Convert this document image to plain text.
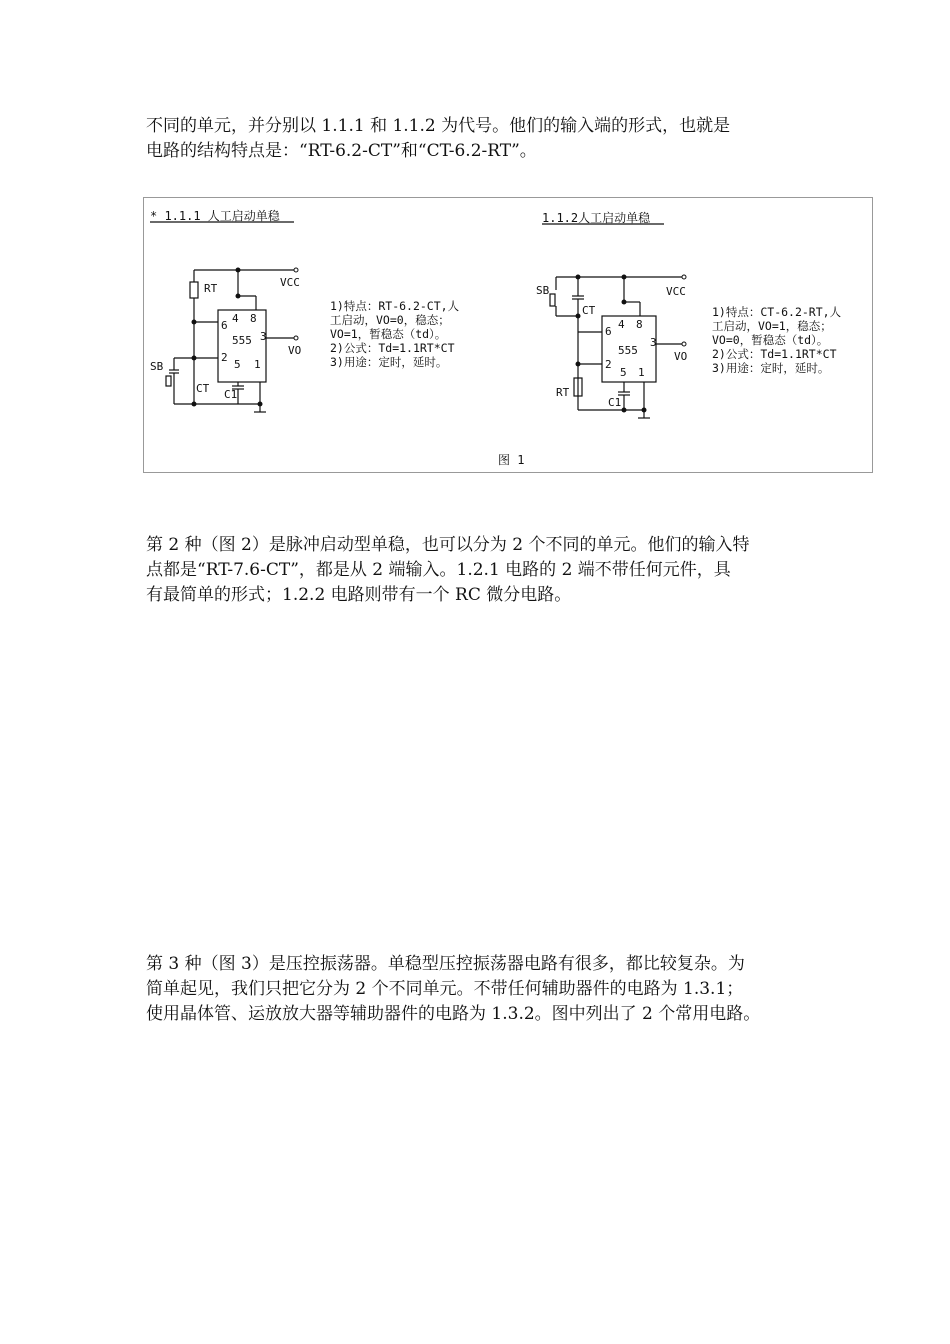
不同的单元，并分别以 1.1.1 和 1.1.2 为代号。他们的输入端的形式，也就是

电路的结构特点是：“RT-6.2-CT”和“CT-6.2-RT”。

* 1.1.1 人工启动单稳
VCC
RT
4 8
6
555 3
2
5 1
VO
SB
CT C1
1)特点：RT-6.2-CT,人
工启动，VO=0，稳态；
VO=1，暂稳态（td）。
2)公式：Td=1.1RT*CT
3)用途：定时，延时。
1.1.2人工启动单稳
VCC
SB
CT
4 8
6
555
3
2
5 1
VO
RT
C1
1)特点：CT-6.2-RT,人
工启动，VO=1，稳态；
VO=0，暂稳态（td）。
2)公式：Td=1.1RT*CT
3)用途：定时，延时。
图 1

第 2 种（图 2）是脉冲启动型单稳，也可以分为 2 个不同的单元。他们的输入特

点都是“RT-7.6-CT”，都是从 2 端输入。1.2.1 电路的 2 端不带任何元件，具

有最简单的形式；1.2.2 电路则带有一个 RC 微分电路。

第 3 种（图 3）是压控振荡器。单稳型压控振荡器电路有很多，都比较复杂。为

简单起见，我们只把它分为 2 个不同单元。不带任何辅助器件的电路为 1.3.1；

使用晶体管、运放放大器等辅助器件的电路为 1.3.2。图中列出了 2 个常用电路。
